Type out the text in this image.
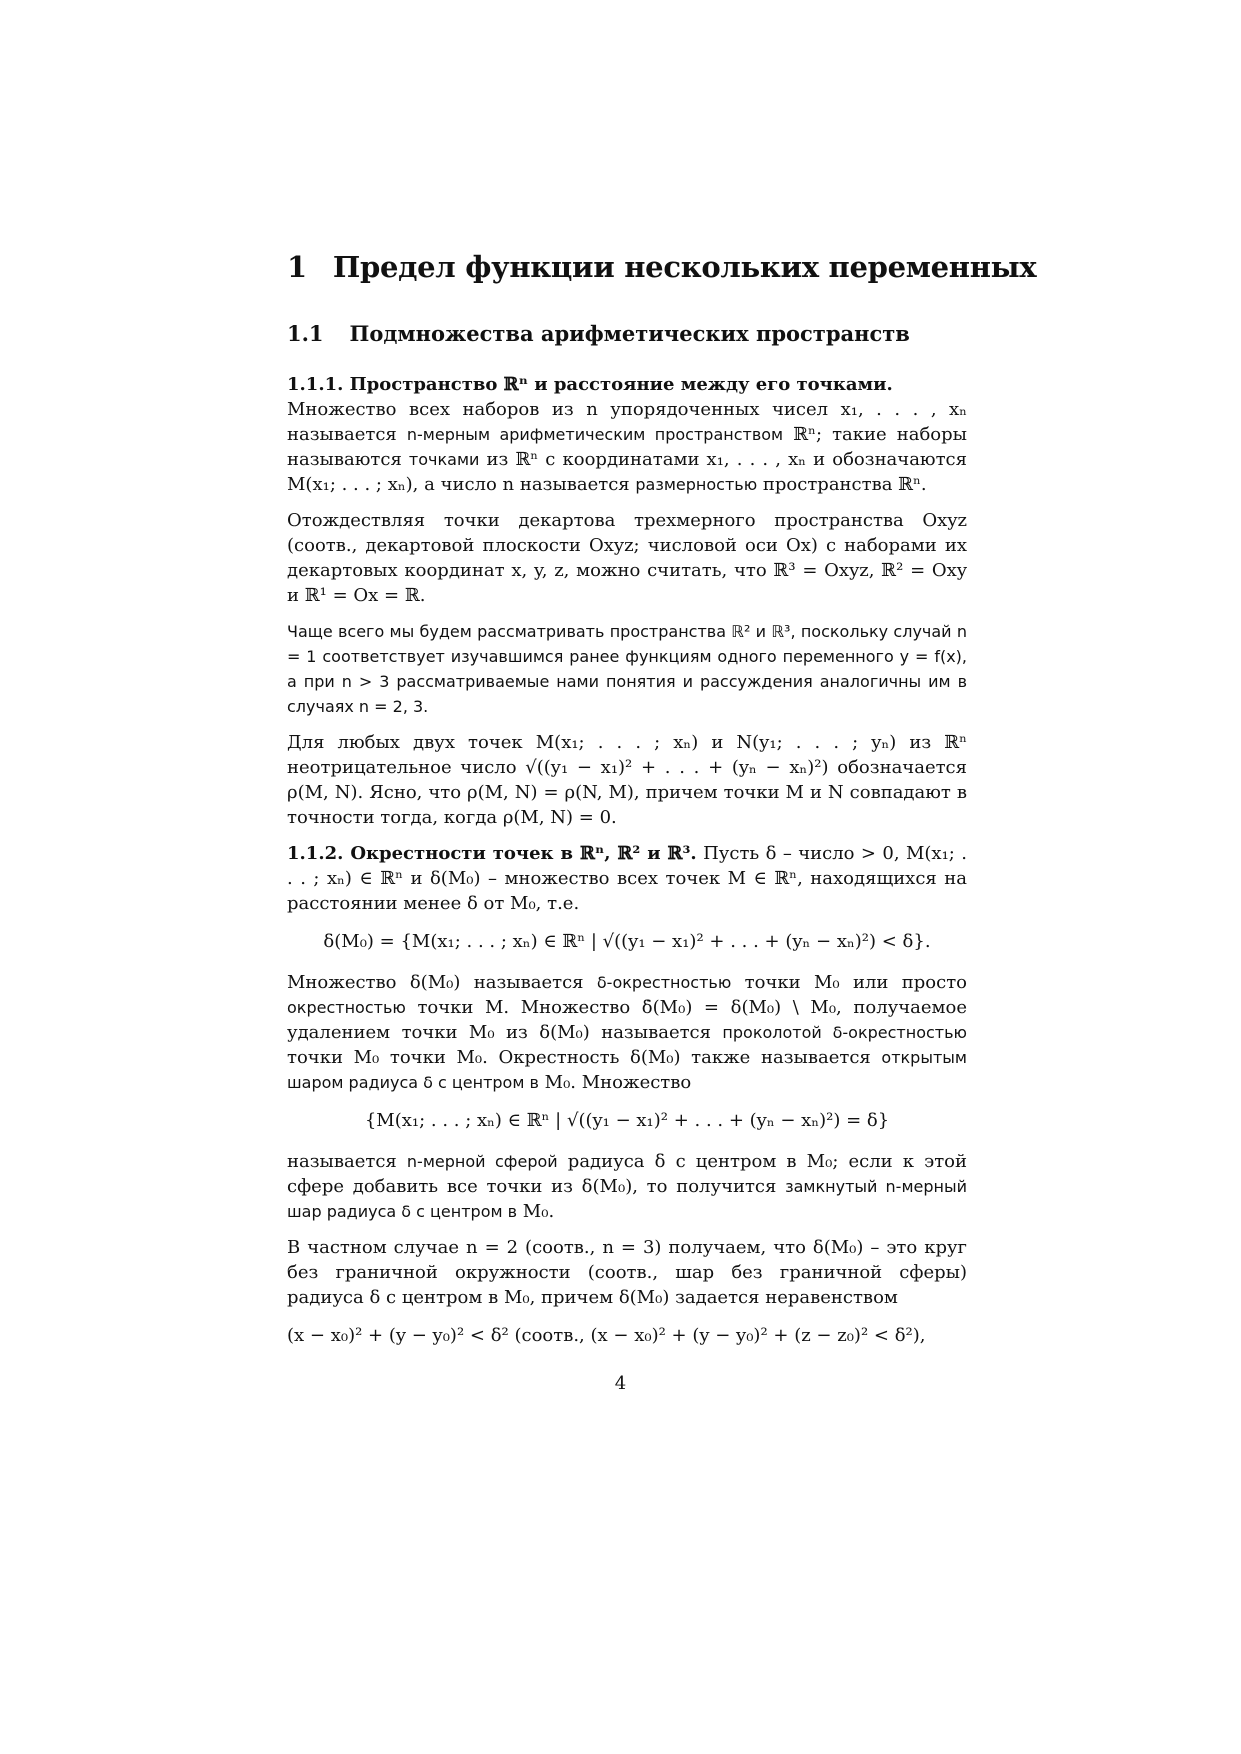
1 Предел функции нескольких переменных
1.1 Подмножества арифметических пространств

1.1.1. Пространство ℝⁿ и расстояние между его точками.

Множество всех наборов из n упорядоченных чисел x₁, . . . , xₙ называется n-мерным арифметическим пространством ℝⁿ; такие наборы называются точками из ℝⁿ с координатами x₁, . . . , xₙ и обозначаются M(x₁; . . . ; xₙ), а число n называется размерностью пространства ℝⁿ.

Отождествляя точки декартова трехмерного пространства Oxyz (соотв., декартовой плоскости Oxyz; числовой оси Ox) с наборами их декартовых координат x, y, z, можно считать, что ℝ³ = Oxyz, ℝ² = Oxy и ℝ¹ = Ox = ℝ.

Чаще всего мы будем рассматривать пространства ℝ² и ℝ³, поскольку случай n = 1 соответствует изучавшимся ранее функциям одного переменного y = f(x), а при n > 3 рассматриваемые нами понятия и рассуждения аналогичны им в случаях n = 2, 3.

Для любых двух точек M(x₁; . . . ; xₙ) и N(y₁; . . . ; yₙ) из ℝⁿ неотрицательное число √((y₁ − x₁)² + . . . + (yₙ − xₙ)²) обозначается ρ(M, N). Ясно, что ρ(M, N) = ρ(N, M), причем точки M и N совпадают в точности тогда, когда ρ(M, N) = 0.

1.1.2. Окрестности точек в ℝⁿ, ℝ² и ℝ³. Пусть δ – число > 0, M(x₁; . . . ; xₙ) ∈ ℝⁿ и δ(M₀) – множество всех точек M ∈ ℝⁿ, находящихся на расстоянии менее δ от M₀, т.е.

δ(M₀) = {M(x₁; . . . ; xₙ) ∈ ℝⁿ | √((y₁ − x₁)² + . . . + (yₙ − xₙ)²) < δ}.

Множество δ(M₀) называется δ-окрестностью точки M₀ или просто окрестностью точки M. Множество δ̇(M₀) = δ(M₀) \ M₀, получаемое удалением точки M₀ из δ(M₀) называется проколотой δ-окрестностью точки M₀ точки M₀. Окрестность δ(M₀) также называется открытым шаром радиуса δ с центром в M₀. Множество

{M(x₁; . . . ; xₙ) ∈ ℝⁿ | √((y₁ − x₁)² + . . . + (yₙ − xₙ)²) = δ}

называется n-мерной сферой радиуса δ с центром в M₀; если к этой сфере добавить все точки из δ(M₀), то получится замкнутый n-мерный шар радиуса δ с центром в M₀.

В частном случае n = 2 (соотв., n = 3) получаем, что δ(M₀) – это круг без граничной окружности (соотв., шар без граничной сферы) радиуса δ с центром в M₀, причем δ(M₀) задается неравенством

(x − x₀)² + (y − y₀)² < δ² (соотв., (x − x₀)² + (y − y₀)² + (z − z₀)² < δ²),
4
